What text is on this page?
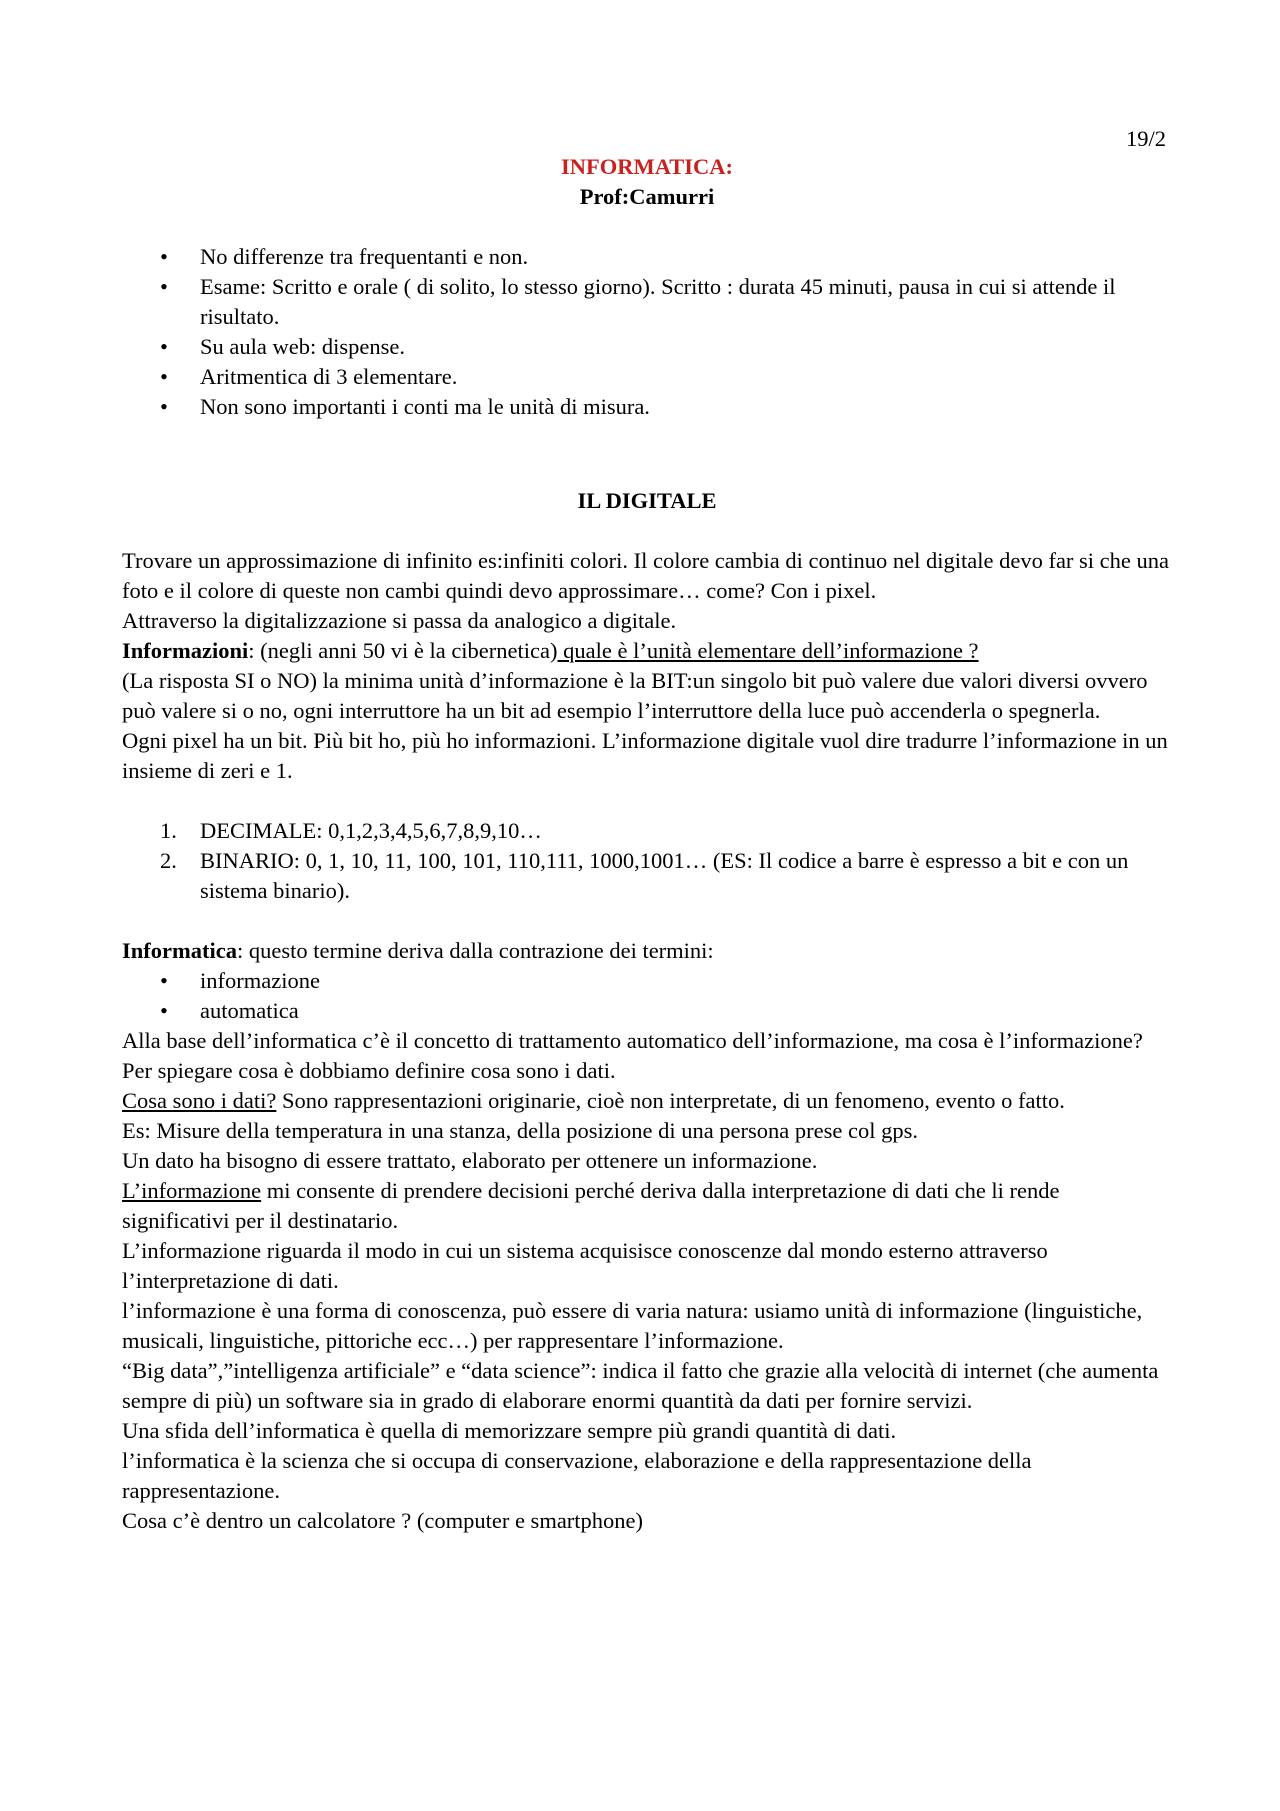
19/2
INFORMATICA:
Prof:Camurri
• No differenze tra frequentanti e non.
• Esame: Scritto e orale ( di solito, lo stesso giorno). Scritto : durata 45 minuti, pausa in cui si attende il risultato.
• Su aula web: dispense.
• Aritmentica di 3 elementare.
• Non sono importanti i conti ma le unità di misura.
IL DIGITALE

Trovare un approssimazione di infinito es:infiniti colori. Il colore cambia di continuo nel digitale devo far si che una foto e il colore di queste non cambi quindi devo approssimare… come? Con i pixel.

Attraverso la digitalizzazione si passa da analogico a digitale.

Informazioni: (negli anni 50 vi è la cibernetica) quale è l’unità elementare dell’informazione ?

(La risposta SI o NO) la minima unità d’informazione è la BIT:un singolo bit può valere due valori diversi ovvero può valere si o no, ogni interruttore ha un bit ad esempio l’interruttore della luce può accenderla o spegnerla.

Ogni pixel ha un bit. Più bit ho, più ho informazioni. L’informazione digitale vuol dire tradurre l’informazione in un insieme di zeri e 1.

1. DECIMALE: 0,1,2,3,4,5,6,7,8,9,10…
2. BINARIO: 0, 1, 10, 11, 100, 101, 110,111, 1000,1001… (ES: Il codice a barre è espresso a bit e con un sistema binario).

Informatica: questo termine deriva dalla contrazione dei termini:

• informazione
• automatica

Alla base dell’informatica c’è il concetto di trattamento automatico dell’informazione, ma cosa è l’informazione? Per spiegare cosa è dobbiamo definire cosa sono i dati.

Cosa sono i dati? Sono rappresentazioni originarie, cioè non interpretate, di un fenomeno, evento o fatto.

Es: Misure della temperatura in una stanza, della posizione di una persona prese col gps.

Un dato ha bisogno di essere trattato, elaborato per ottenere un informazione.

L’informazione mi consente di prendere decisioni perché deriva dalla interpretazione di dati che li rende significativi per il destinatario.

L’informazione riguarda il modo in cui un sistema acquisisce conoscenze dal mondo esterno attraverso l’interpretazione di dati.

l’informazione è una forma di conoscenza, può essere di varia natura: usiamo unità di informazione (linguistiche, musicali, linguistiche, pittoriche ecc…) per rappresentare l’informazione.

“Big data”,”intelligenza artificiale” e “data science”: indica il fatto che grazie alla velocità di internet (che aumenta sempre di più) un software sia in grado di elaborare enormi quantità da dati per fornire servizi.

Una sfida dell’informatica è quella di memorizzare sempre più grandi quantità di dati.

l’informatica è la scienza che si occupa di conservazione, elaborazione e della rappresentazione della rappresentazione.

Cosa c’è dentro un calcolatore ? (computer e smartphone)
